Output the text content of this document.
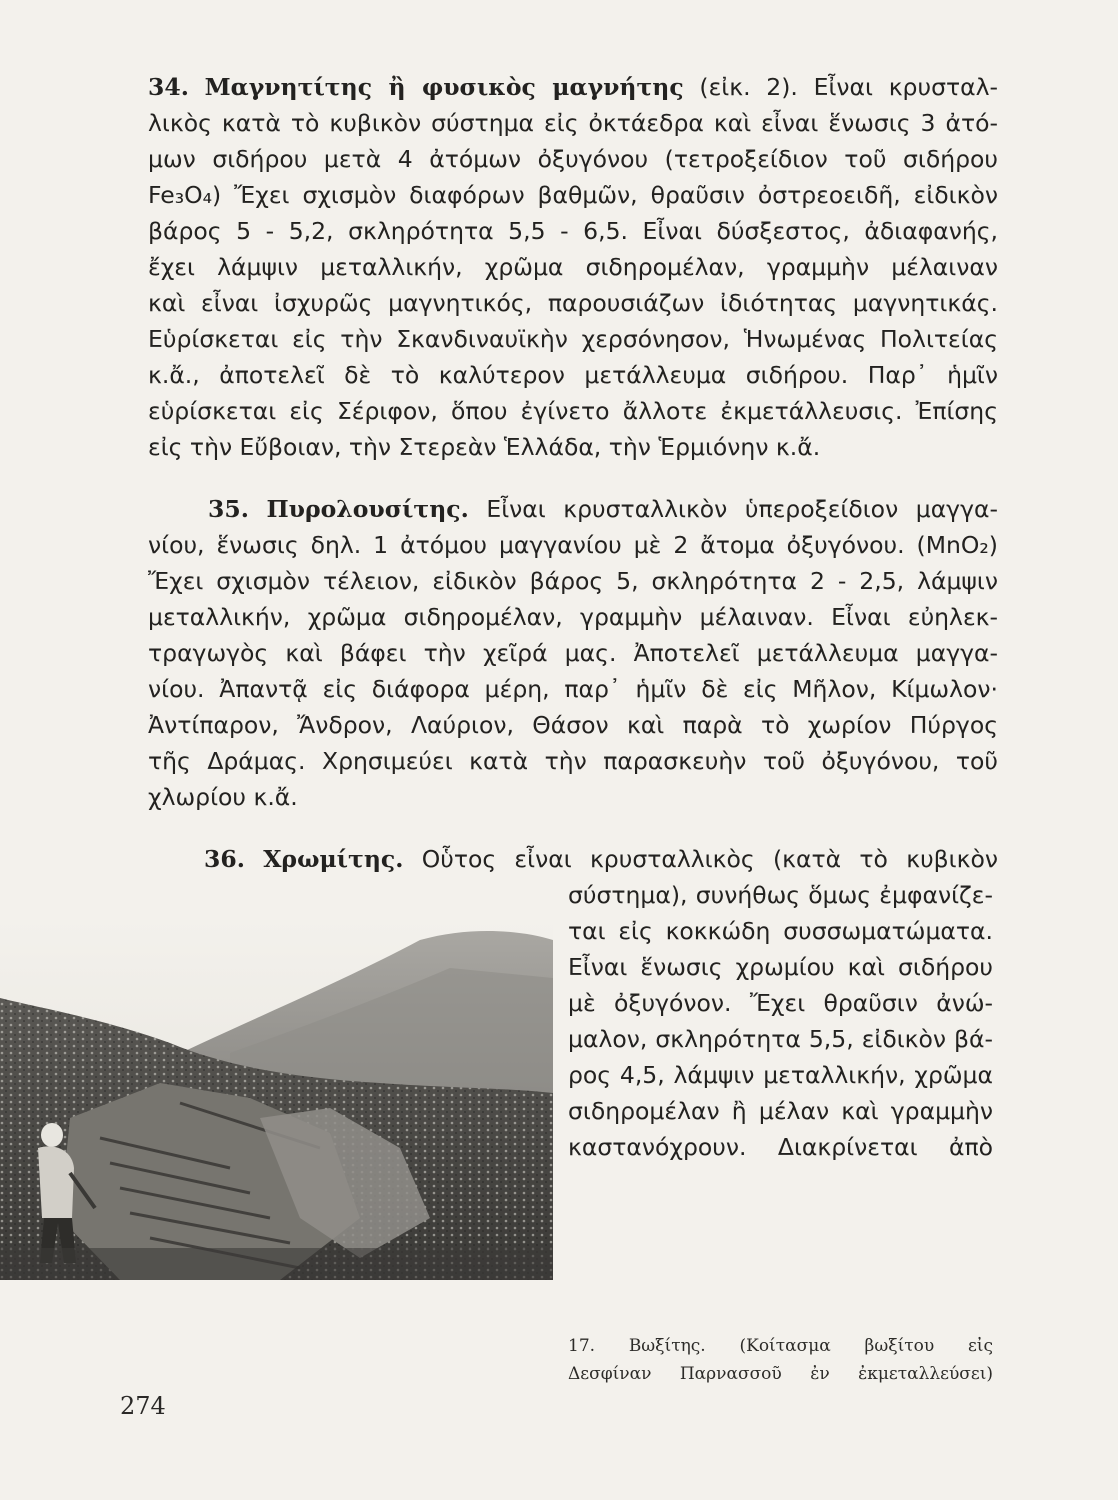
34. Μαγνητίτης ἢ φυσικὸς μαγνήτης (εἰκ. 2). Εἶναι κρυσταλ-
λικὸς κατὰ τὸ κυβικὸν σύστημα εἰς ὀκτάεδρα καὶ εἶναι ἕνωσις 3 ἀτό-
μων σιδήρου μετὰ 4 ἀτόμων ὀξυγόνου (τετροξείδιον τοῦ σιδήρου
Fe₃O₄) Ἔχει σχισμὸν διαφόρων βαθμῶν, θραῦσιν ὀστρεοειδῆ, εἰδικὸν
βάρος 5 - 5,2, σκληρότητα 5,5 - 6,5. Εἶναι δύσξεστος, ἀδιαφανής,
ἔχει λάμψιν μεταλλικήν, χρῶμα σιδηρομέλαν, γραμμὴν μέλαιναν
καὶ εἶναι ἰσχυρῶς μαγνητικός, παρουσιάζων ἰδιότητας μαγνητικάς.
Εὑρίσκεται εἰς τὴν Σκανδιναυϊκὴν χερσόνησον, Ἡνωμένας Πολιτείας
κ.ἄ., ἀποτελεῖ δὲ τὸ καλύτερον μετάλλευμα σιδήρου. Παρ᾽ ἡμῖν
εὑρίσκεται εἰς Σέριφον, ὅπου ἐγίνετο ἄλλοτε ἐκμετάλλευσις. Ἐπίσης
εἰς τὴν Εὔβοιαν, τὴν Στερεὰν Ἑλλάδα, τὴν Ἑρμιόνην κ.ἄ.
35. Πυρολουσίτης. Εἶναι κρυσταλλικὸν ὑπεροξείδιον μαγγα-
νίου, ἕνωσις δηλ. 1 ἀτόμου μαγγανίου μὲ 2 ἄτομα ὀξυγόνου. (MnO₂)
Ἔχει σχισμὸν τέλειον, εἰδικὸν βάρος 5, σκληρότητα 2 - 2,5, λάμψιν
μεταλλικήν, χρῶμα σιδηρομέλαν, γραμμὴν μέλαιναν. Εἶναι εὐηλεκ-
τραγωγὸς καὶ βάφει τὴν χεῖρά μας. Ἀποτελεῖ μετάλλευμα μαγγα-
νίου. Ἀπαντᾷ εἰς διάφορα μέρη, παρ᾽ ἡμῖν δὲ εἰς Μῆλον, Κίμωλον·
Ἀντίπαρον, Ἄνδρον, Λαύριον, Θάσον καὶ παρὰ τὸ χωρίον Πύργος
τῆς Δράμας. Χρησιμεύει κατὰ τὴν παρασκευὴν τοῦ ὀξυγόνου, τοῦ
χλωρίου κ.ἄ.
36. Χρωμίτης. Οὗτος εἶναι κρυσταλλικὸς (κατὰ τὸ κυβικὸν
σύστημα), συνήθως ὅμως ἐμφανίζε-
ται εἰς κοκκώδη συσσωματώματα.
Εἶναι ἕνωσις χρωμίου καὶ σιδήρου
μὲ ὀξυγόνον. Ἔχει θραῦσιν ἀνώ-
μαλον, σκληρότητα 5,5, εἰδικὸν βά-
ρος 4,5, λάμψιν μεταλλικήν, χρῶμα
σιδηρομέλαν ἢ μέλαν καὶ γραμμὴν
καστανόχρουν. Διακρίνεται ἀπὸ
17. Βωξίτης. (Κοίτασμα βωξίτου εἰς
Δεσφίναν Παρνασσοῦ ἐν ἐκμεταλλεύσει)
274
